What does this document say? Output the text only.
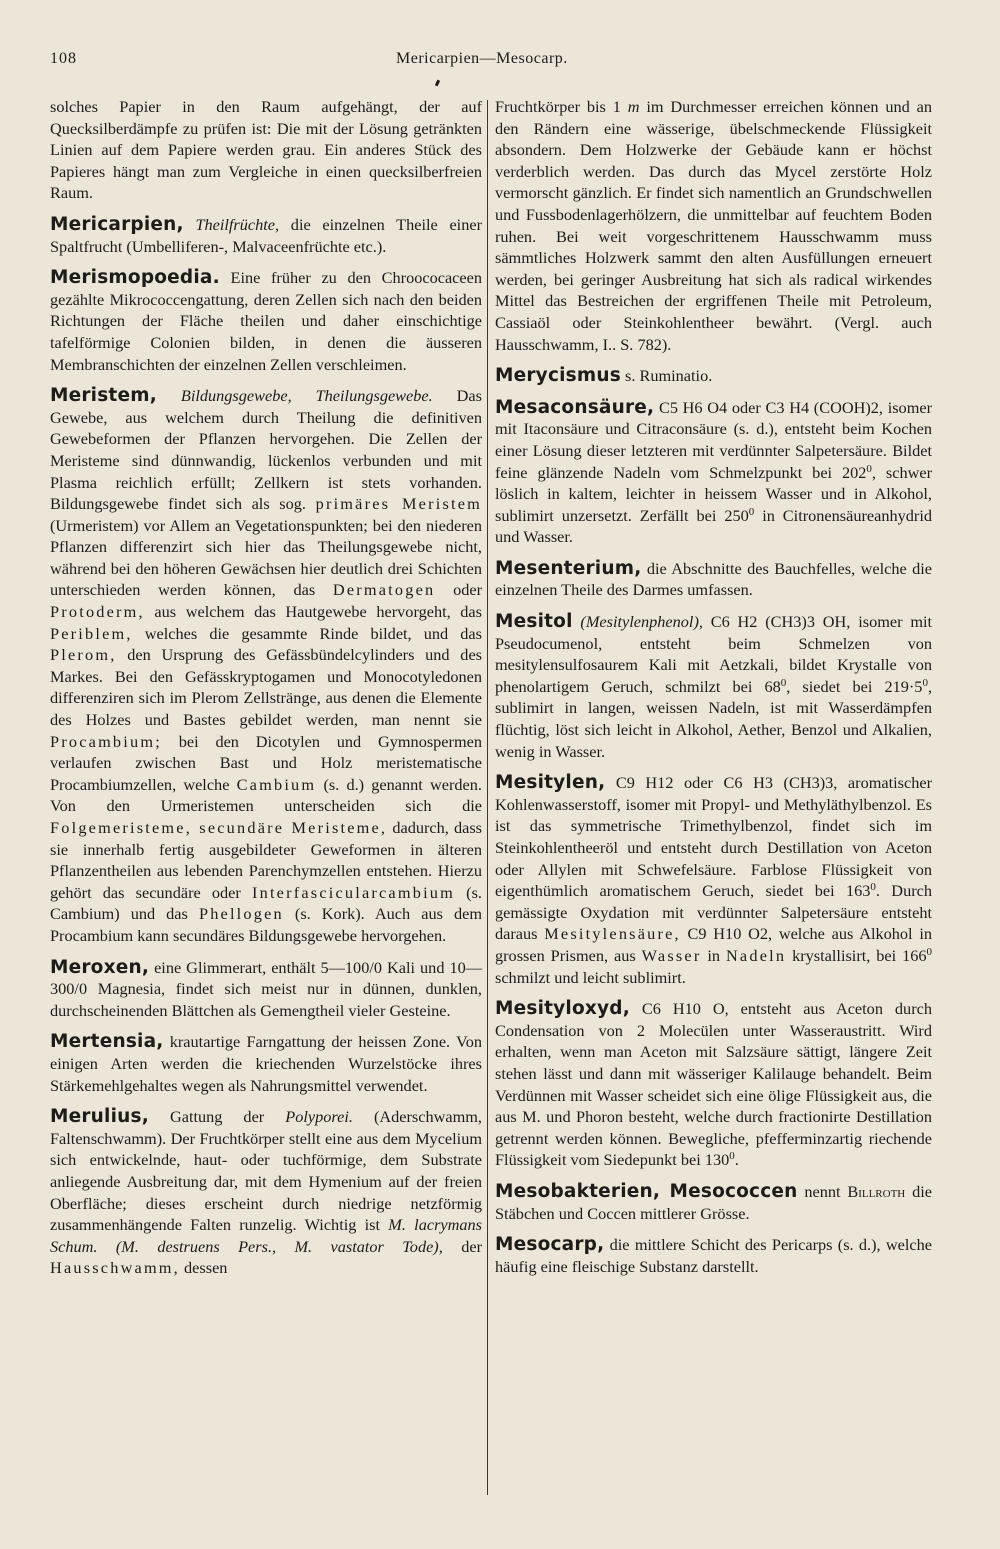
108	Mericarpien—Mesocarp.

solches Papier in den Raum aufgehängt, der auf Quecksilberdämpfe zu prüfen ist: Die mit der Lösung getränkten Linien auf dem Papiere werden grau. Ein anderes Stück des Papieres hängt man zum Vergleiche in einen quecksilberfreien Raum.

Mericarpien, Theilfrüchte, die einzelnen Theile einer Spaltfrucht (Umbelliferen-, Malvaceenfrüchte etc.).

Merismopoedia. Eine früher zu den Chroococaceen gezählte Mikrococcengattung, deren Zellen sich nach den beiden Richtungen der Fläche theilen und daher einschichtige tafelförmige Colonien bilden, in denen die äusseren Membranschichten der einzelnen Zellen verschleimen.

Meristem, Bildungsgewebe, Theilungsgewebe. Das Gewebe, aus welchem durch Theilung die definitiven Gewebeformen der Pflanzen hervorgehen. Die Zellen der Meristeme sind dünnwandig, lückenlos verbunden und mit Plasma reichlich erfüllt; Zellkern ist stets vorhanden. Bildungsgewebe findet sich als sog. primäres Meristem (Urmeristem) vor Allem an Vegetationspunkten; bei den niederen Pflanzen differenzirt sich hier das Theilungsgewebe nicht, während bei den höheren Gewächsen hier deutlich drei Schichten unterschieden werden können, das Dermatogen oder Protoderm, aus welchem das Hautgewebe hervorgeht, das Periblem, welches die gesammte Rinde bildet, und das Plerom, den Ursprung des Gefässbündelcylinders und des Markes. Bei den Gefässkryptogamen und Monocotyledonen differenziren sich im Plerom Zellstränge, aus denen die Elemente des Holzes und Bastes gebildet werden, man nennt sie Procambium; bei den Dicotylen und Gymnospermen verlaufen zwischen Bast und Holz meristematische Procambiumzellen, welche Cambium (s. d.) genannt werden. Von den Urmeristemen unterscheiden sich die Folgemeristeme, secundäre Meristeme, dadurch, dass sie innerhalb fertig ausgebildeter Geweformen in älteren Pflanzentheilen aus lebenden Parenchymzellen entstehen. Hierzu gehört das secundäre oder Interfascicularcambium (s. Cambium) und das Phellogen (s. Kork). Auch aus dem Procambium kann secundäres Bildungsgewebe hervorgehen.

Meroxen, eine Glimmerart, enthält 5—100/0 Kali und 10—300/0 Magnesia, findet sich meist nur in dünnen, dunklen, durchscheinenden Blättchen als Gemengtheil vieler Gesteine.

Mertensia, krautartige Farngattung der heissen Zone. Von einigen Arten werden die kriechenden Wurzelstöcke ihres Stärkemehlgehaltes wegen als Nahrungsmittel verwendet.

Merulius, Gattung der Polyporei. (Aderschwamm, Faltenschwamm). Der Fruchtkörper stellt eine aus dem Mycelium sich entwickelnde, haut- oder tuchförmige, dem Substrate anliegende Ausbreitung dar, mit dem Hymenium auf der freien Oberfläche; dieses erscheint durch niedrige netzförmig zusammenhängende Falten runzelig. Wichtig ist M. lacrymans Schum. (M. destruens Pers., M. vastator Tode), der Hausschwamm, dessen

Fruchtkörper bis 1 m im Durchmesser erreichen können und an den Rändern eine wässerige, übelschmeckende Flüssigkeit absondern. Dem Holzwerke der Gebäude kann er höchst verderblich werden. Das durch das Mycel zerstörte Holz vermorscht gänzlich. Er findet sich namentlich an Grundschwellen und Fussbodenlagerhölzern, die unmittelbar auf feuchtem Boden ruhen. Bei weit vorgeschrittenem Hausschwamm muss sämmtliches Holzwerk sammt den alten Ausfüllungen erneuert werden, bei geringer Ausbreitung hat sich als radical wirkendes Mittel das Bestreichen der ergriffenen Theile mit Petroleum, Cassiaöl oder Steinkohlentheer bewährt. (Vergl. auch Hausschwamm, I.. S. 782).

Merycismus s. Ruminatio.

Mesaconsäure, C5 H6 O4 oder C3 H4 (COOH)2, isomer mit Itaconsäure und Citraconsäure (s. d.), entsteht beim Kochen einer Lösung dieser letzteren mit verdünnter Salpetersäure. Bildet feine glänzende Nadeln vom Schmelzpunkt bei $202^0$, schwer löslich in kaltem, leichter in heissem Wasser und in Alkohol, sublimirt unzersetzt. Zerfällt bei $250^0$ in Citronensäureanhydrid und Wasser.

Mesenterium, die Abschnitte des Bauchfelles, welche die einzelnen Theile des Darmes umfassen.

Mesitol (Mesitylenphenol), C6 H2 (CH3)3 OH, isomer mit Pseudocumenol, entsteht beim Schmelzen von mesitylensulfosaurem Kali mit Aetzkali, bildet Krystalle von phenolartigem Geruch, schmilzt bei $68^0$, siedet bei $219\cdot 5^0$, sublimirt in langen, weissen Nadeln, ist mit Wasserdämpfen flüchtig, löst sich leicht in Alkohol, Aether, Benzol und Alkalien, wenig in Wasser.

Mesitylen, C9 H12 oder C6 H3 (CH3)3, aromatischer Kohlenwasserstoff, isomer mit Propyl- und Methyläthylbenzol. Es ist das symmetrische Trimethylbenzol, findet sich im Steinkohlentheeröl und entsteht durch Destillation von Aceton oder Allylen mit Schwefelsäure. Farblose Flüssigkeit von eigenthümlich aromatischem Geruch, siedet bei $163^0$. Durch gemässigte Oxydation mit verdünnter Salpetersäure entsteht daraus Mesitylensäure, C9 H10 O2, welche aus Alkohol in grossen Prismen, aus Wasser in Nadeln krystallisirt, bei $166^0$ schmilzt und leicht sublimirt.

Mesityloxyd, C6 H10 O, entsteht aus Aceton durch Condensation von 2 Molecülen unter Wasseraustritt. Wird erhalten, wenn man Aceton mit Salzsäure sättigt, längere Zeit stehen lässt und dann mit wässeriger Kalilauge behandelt. Beim Verdünnen mit Wasser scheidet sich eine ölige Flüssigkeit aus, die aus M. und Phoron besteht, welche durch fractionirte Destillation getrennt werden können. Bewegliche, pfefferminzartig riechende Flüssigkeit vom Siedepunkt bei $130^0$.

Mesobakterien, Mesococcen nennt Billroth die Stäbchen und Coccen mittlerer Grösse.

Mesocarp, die mittlere Schicht des Pericarps (s. d.), welche häufig eine fleischige Substanz darstellt.
